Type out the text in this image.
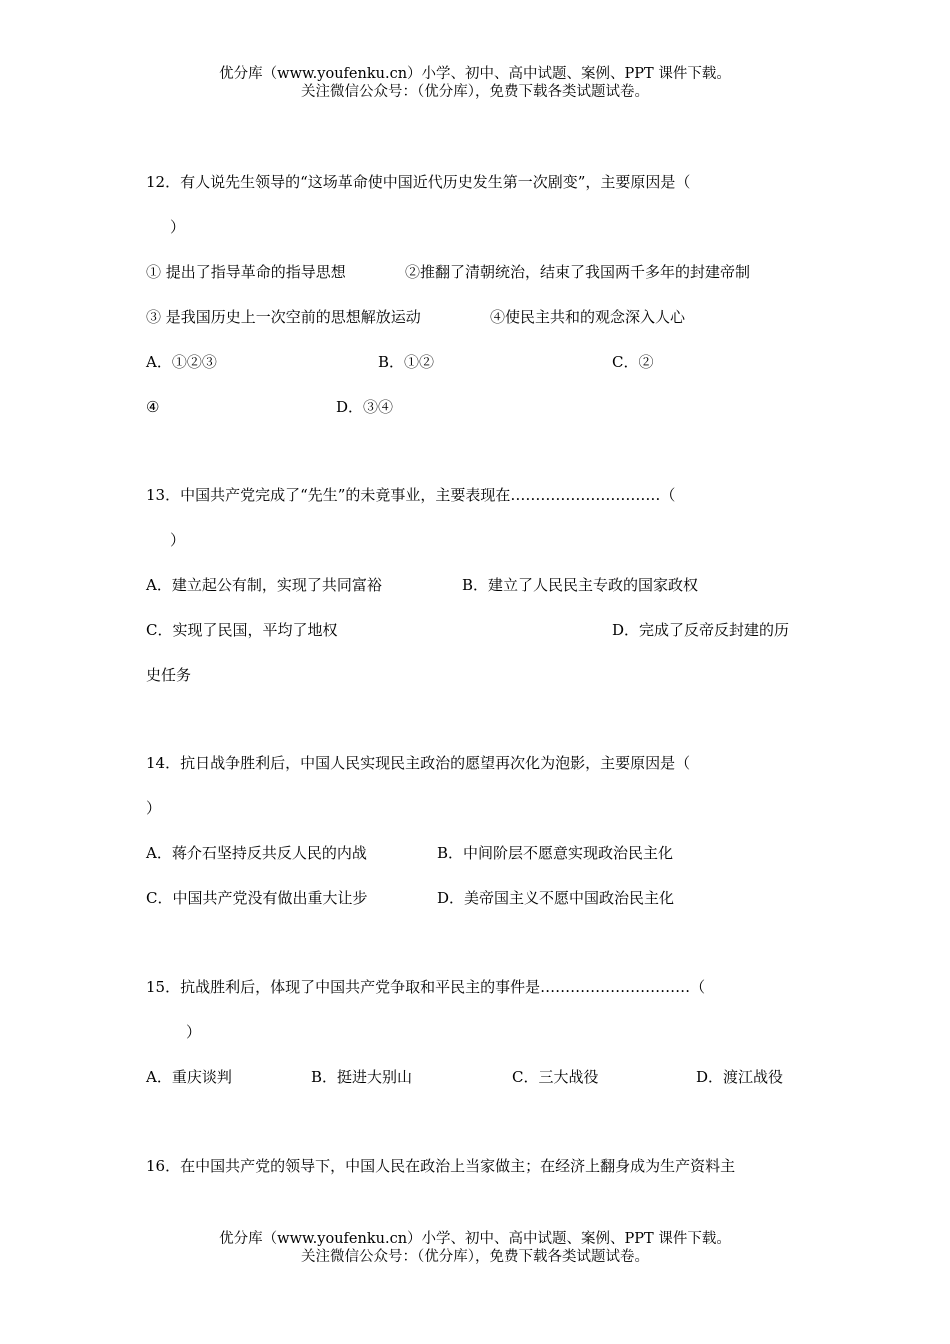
优分库（www.youfenku.cn）小学、初中、高中试题、案例、PPT 课件下载。
关注微信公众号：（优分库），免费下载各类试题试卷。
12．有人说先生领导的“这场革命使中国近代历史发生第一次剧变”，主要原因是（
）
① 提出了指导革命的指导思想	②推翻了清朝统治，结束了我国两千多年的封建帝制
③ 是我国历史上一次空前的思想解放运动	④使民主共和的观念深入人心
A．①②③	B．①②	C．②
④	D．③④
13．中国共产党完成了“先生”的未竟事业，主要表现在…………………………（
）
A．建立起公有制，实现了共同富裕	B．建立了人民民主专政的国家政权
C．实现了民国，平均了地权	D．完成了反帝反封建的历
史任务
14．抗日战争胜利后，中国人民实现民主政治的愿望再次化为泡影，主要原因是（
）
A．蒋介石坚持反共反人民的内战	B．中间阶层不愿意实现政治民主化
C．中国共产党没有做出重大让步	D．美帝国主义不愿中国政治民主化
15．抗战胜利后，体现了中国共产党争取和平民主的事件是…………………………（
）
A．重庆谈判	B．挺进大别山	C．三大战役	D．渡江战役
16．在中国共产党的领导下，中国人民在政治上当家做主；在经济上翻身成为生产资料主
优分库（www.youfenku.cn）小学、初中、高中试题、案例、PPT 课件下载。
关注微信公众号：（优分库），免费下载各类试题试卷。
